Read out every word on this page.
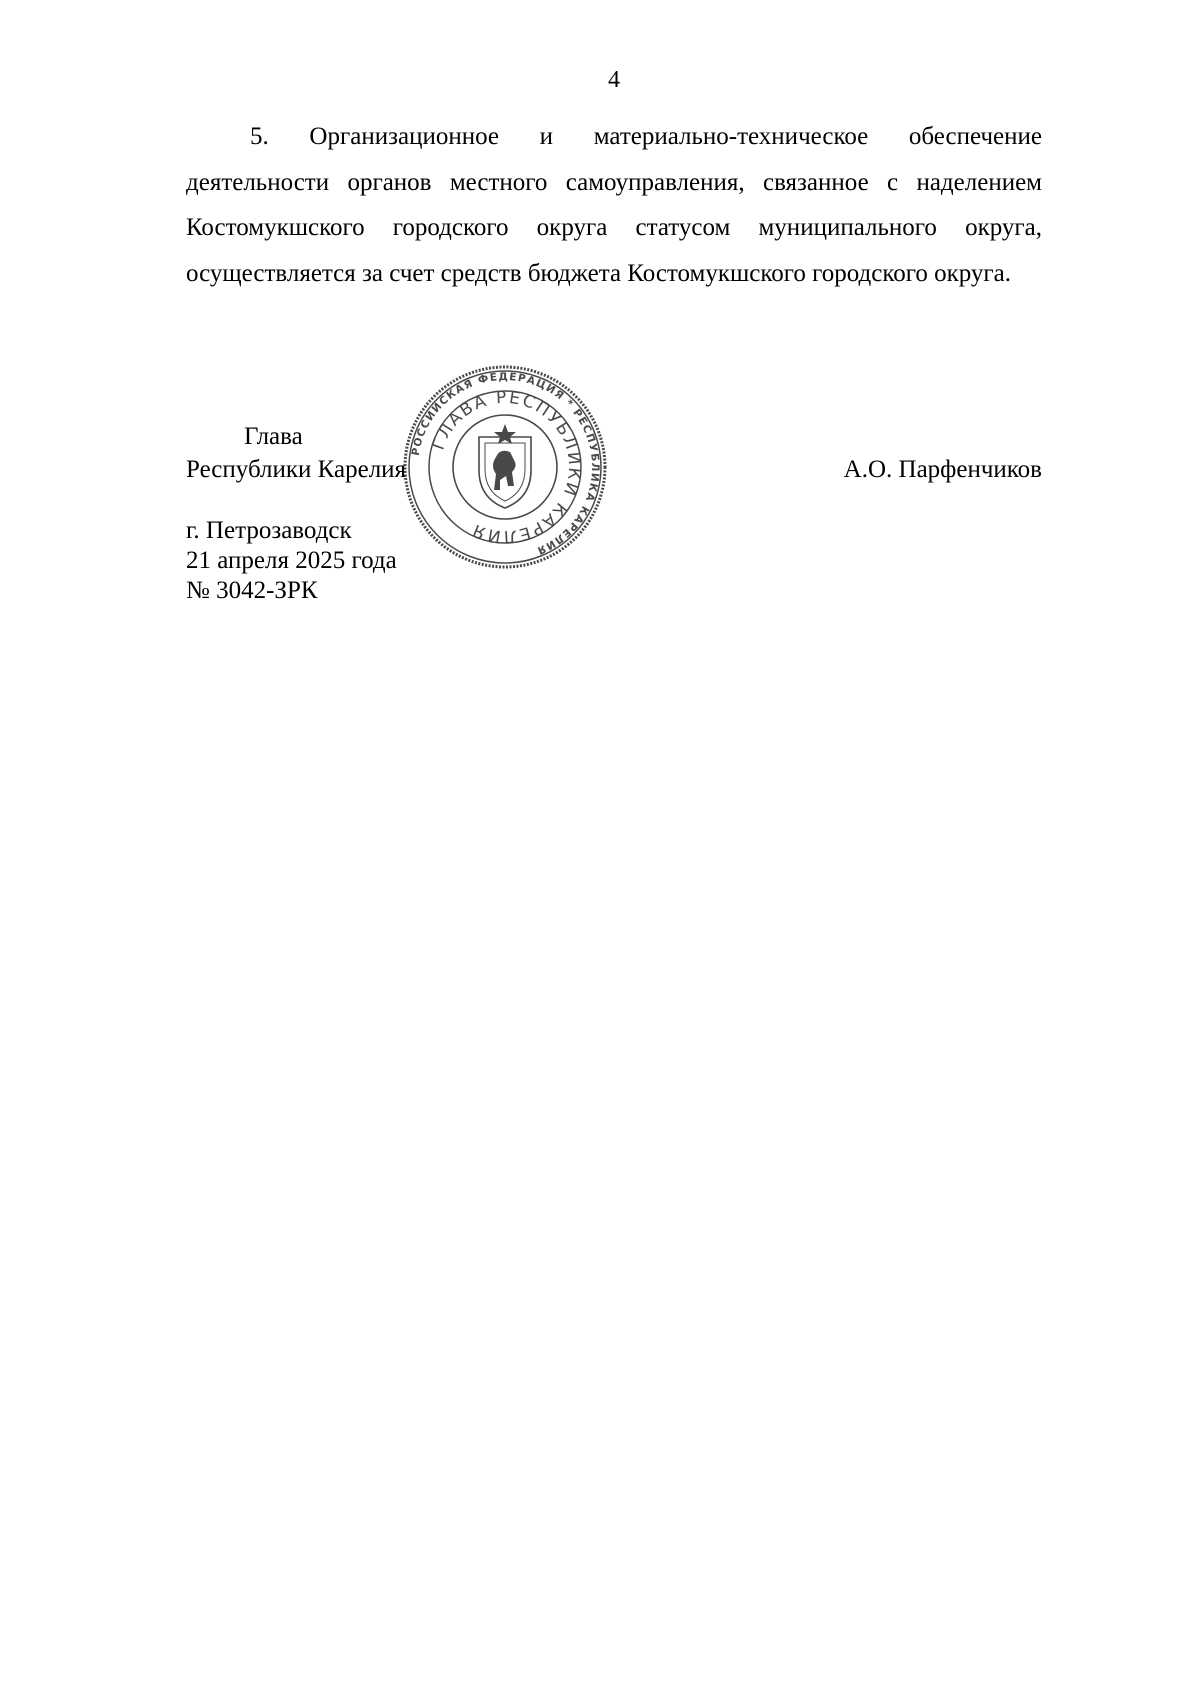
4

5. Организационное и материально-техническое обеспечение
деятельности органов местного самоуправления, связанное с наделением Костомукшского городского округа статусом муниципального округа, осуществляется за счет средств бюджета Костомукшского городского округа.

Глава
Республики Карелия	А.О. Парфенчиков
г. Петрозаводск
21 апреля 2025 года
№ 3042-ЗРК
РОССИЙСКАЯ ФЕДЕРАЦИЯ * РЕСПУБЛИКА КАРЕЛИЯ
ГЛАВА РЕСПУБЛИКИ КАРЕЛИЯ
